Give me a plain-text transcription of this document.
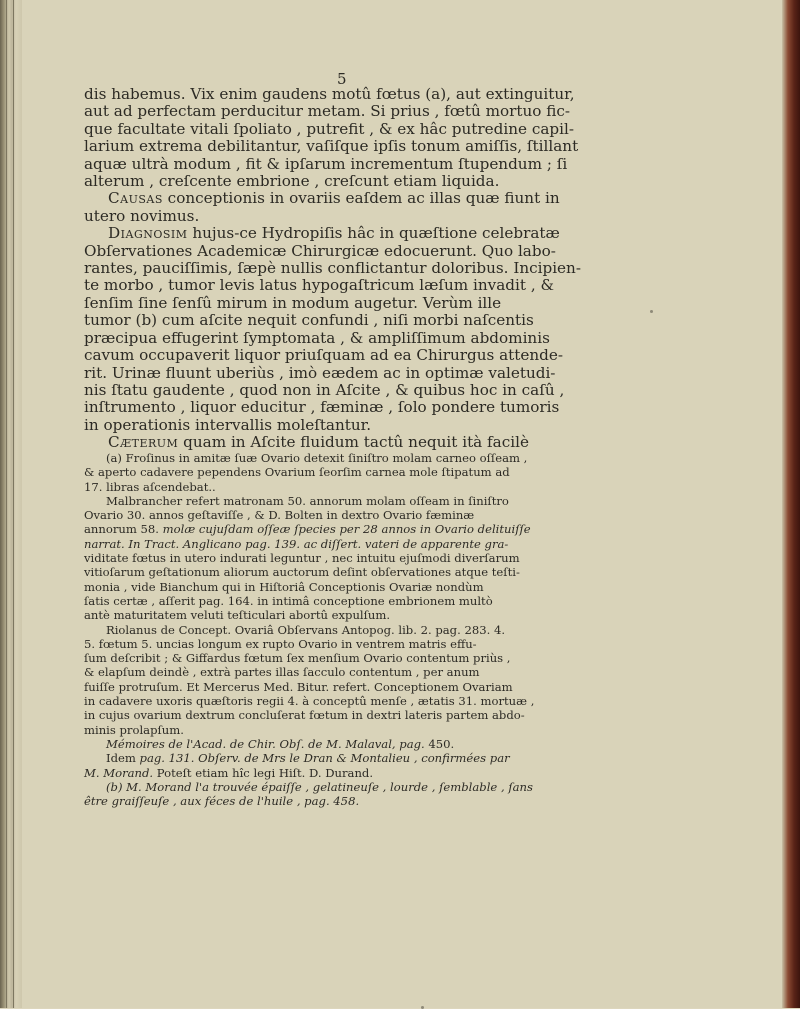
5

dis habemus. Vix enim gaudens motû fœtus (a), aut extinguitur,

aut ad perfectam perducitur metam. Si prius , fœtû mortuo fic-

que facultate vitali ſpoliato , putrefit , & ex hâc putredine capil-

larium extrema debilitantur, vaſiſque ipſis tonum amiſſis, ſtillant

aquæ ultrà modum , fit & ipſarum incrementum ſtupendum ; ſi

alterum , creſcente embrione , creſcunt etiam liquida.

Causas conceptionis in ovariis eaſdem ac illas quæ fiunt in

utero novimus.

Diagnosim hujus-ce Hydropiſis hâc in quæſtione celebratæ

Obſervationes Academicæ Chirurgicæ edocuerunt. Quo labo-

rantes, pauciſſimis, ſæpè nullis conflictantur doloribus. Incipien-

te morbo , tumor levis latus hypogaſtricum læſum invadit , &

ſenſim ſine ſenſû mirum in modum augetur. Verùm ille

tumor (b) cum aſcite nequit confundi , niſi morbi naſcentis

præcipua effugerint ſymptomata , & ampliſſimum abdominis

cavum occupaverit liquor priuſquam ad ea Chirurgus attende-

rit. Urinæ fluunt uberiùs , imò eædem ac in optimæ valetudi-

nis ſtatu gaudente , quod non in Aſcite , & quibus hoc in caſû ,

inſtrumento , liquor educitur , fæminæ , ſolo pondere tumoris

in operationis intervallis moleſtantur.

Cæterum quam in Aſcite fluidum tactû nequit ità facilè

(a) Froſinus in amitæ ſuæ Ovario detexit ſiniſtro molam carneo oſſeam ,

& aperto cadavere pependens Ovarium ſeorſim carnea mole ſtipatum ad

17. libras aſcendebat..

Malbrancher refert matronam 50. annorum molam oſſeam in ſiniſtro

Ovario 30. annos geſtaviſſe , & D. Bolten in dextro Ovario fæminæ

annorum 58. molæ cujuſdam oſſeæ ſpecies per 28 annos in Ovario delituiſſe

narrat. In Tract. Anglicano pag. 139. ac diſſert. vateri de apparente gra-

viditate fœtus in utero indurati leguntur , nec intuitu ejuſmodi diverſarum

vitioſarum geſtationum aliorum auctorum deſint obſervationes atque teſti-

monia , vide Bianchum qui in Hiſtoriâ Conceptionis Ovariæ nondùm

ſatis certæ , aſſerit pag. 164. in intimâ conceptione embrionem multò

antè maturitatem veluti teſticulari abortû expulſum.

Riolanus de Concept. Ovariâ Obſervans Antopog. lib. 2. pag. 283. 4.

5. fœtum 5. uncias longum ex rupto Ovario in ventrem matris effu-

ſum deſcribit ; & Giffardus fœtum ſex menſium Ovario contentum priùs ,

& elapſum deindè , extrà partes illas ſacculo contentum , per anum

fuiſſe protruſum. Et Mercerus Med. Bitur. refert. Conceptionem Ovariam

in cadavere uxoris quæſtoris regii 4. à conceptû menſe , ætatis 31. mortuæ ,

in cujus ovarium dextrum concluſerat fœtum in dextri lateris partem abdo-

minis prolapſum.

Mémoires de l'Acad. de Chir. Obſ. de M. Malaval, pag. 450.

Idem pag. 131. Obſerv. de Mrs le Dran & Montalieu , confirmées par

M. Morand. Poteſt etiam hîc legi Hiſt. D. Durand.

(b) M. Morand l'a trouvée épaiſſe , gelatineuſe , lourde , ſemblable , ſans

être graiſſeuſe , aux féces de l'huile , pag. 458.
